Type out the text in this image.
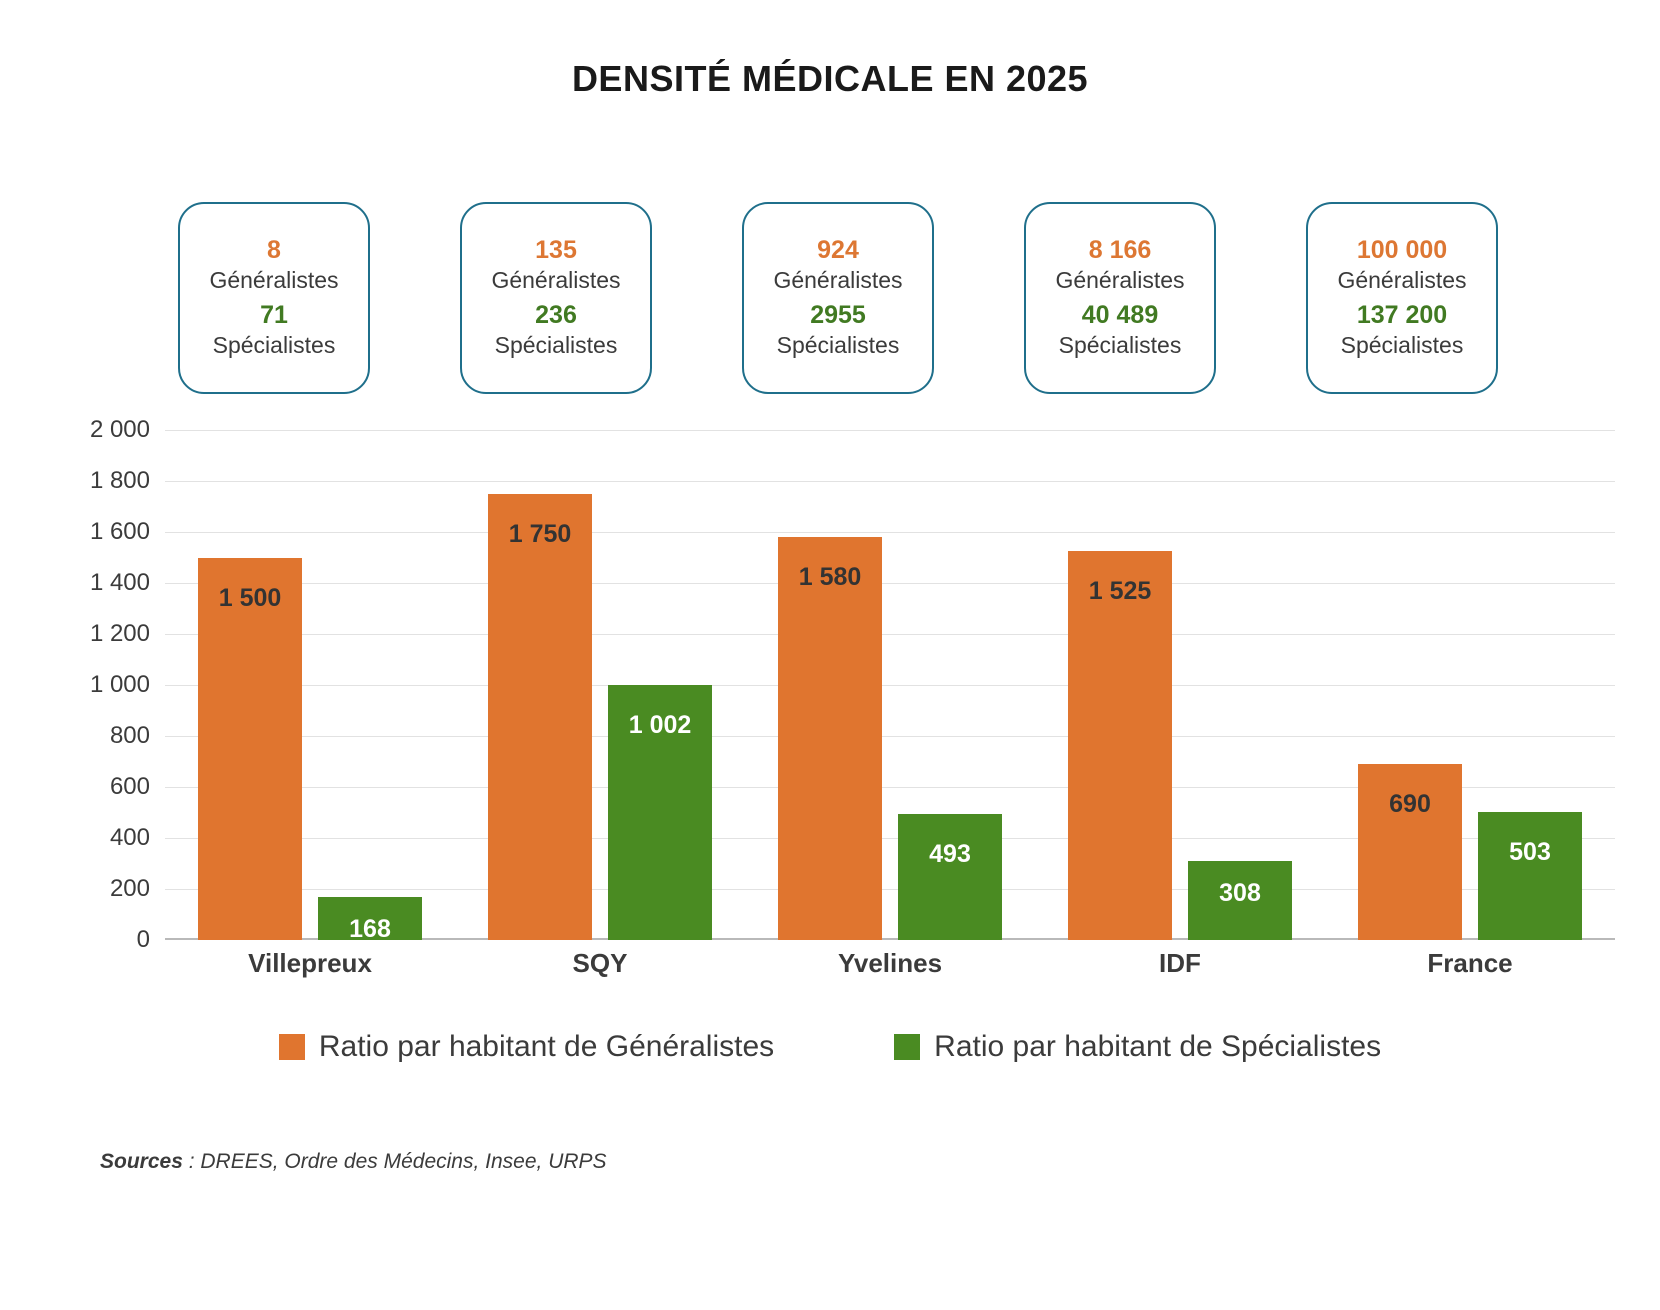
DENSITÉ MÉDICALE EN 2025
8
Généralistes
71
Spécialistes
135
Généralistes
236
Spécialistes
924
Généralistes
2955
Spécialistes
8 166
Généralistes
40 489
Spécialistes
100 000
Généralistes
137 200
Spécialistes
2 000
1 800
1 600
1 400
1 200
1 000
800
600
400
200
0
1 500
168
1 750
1 002
1 580
493
1 525
308
690
503
Villepreux	SQY	Yvelines	IDF	France
Ratio par habitant de Généralistes	Ratio par habitant de Spécialistes
Sources : DREES, Ordre des Médecins, Insee, URPS
